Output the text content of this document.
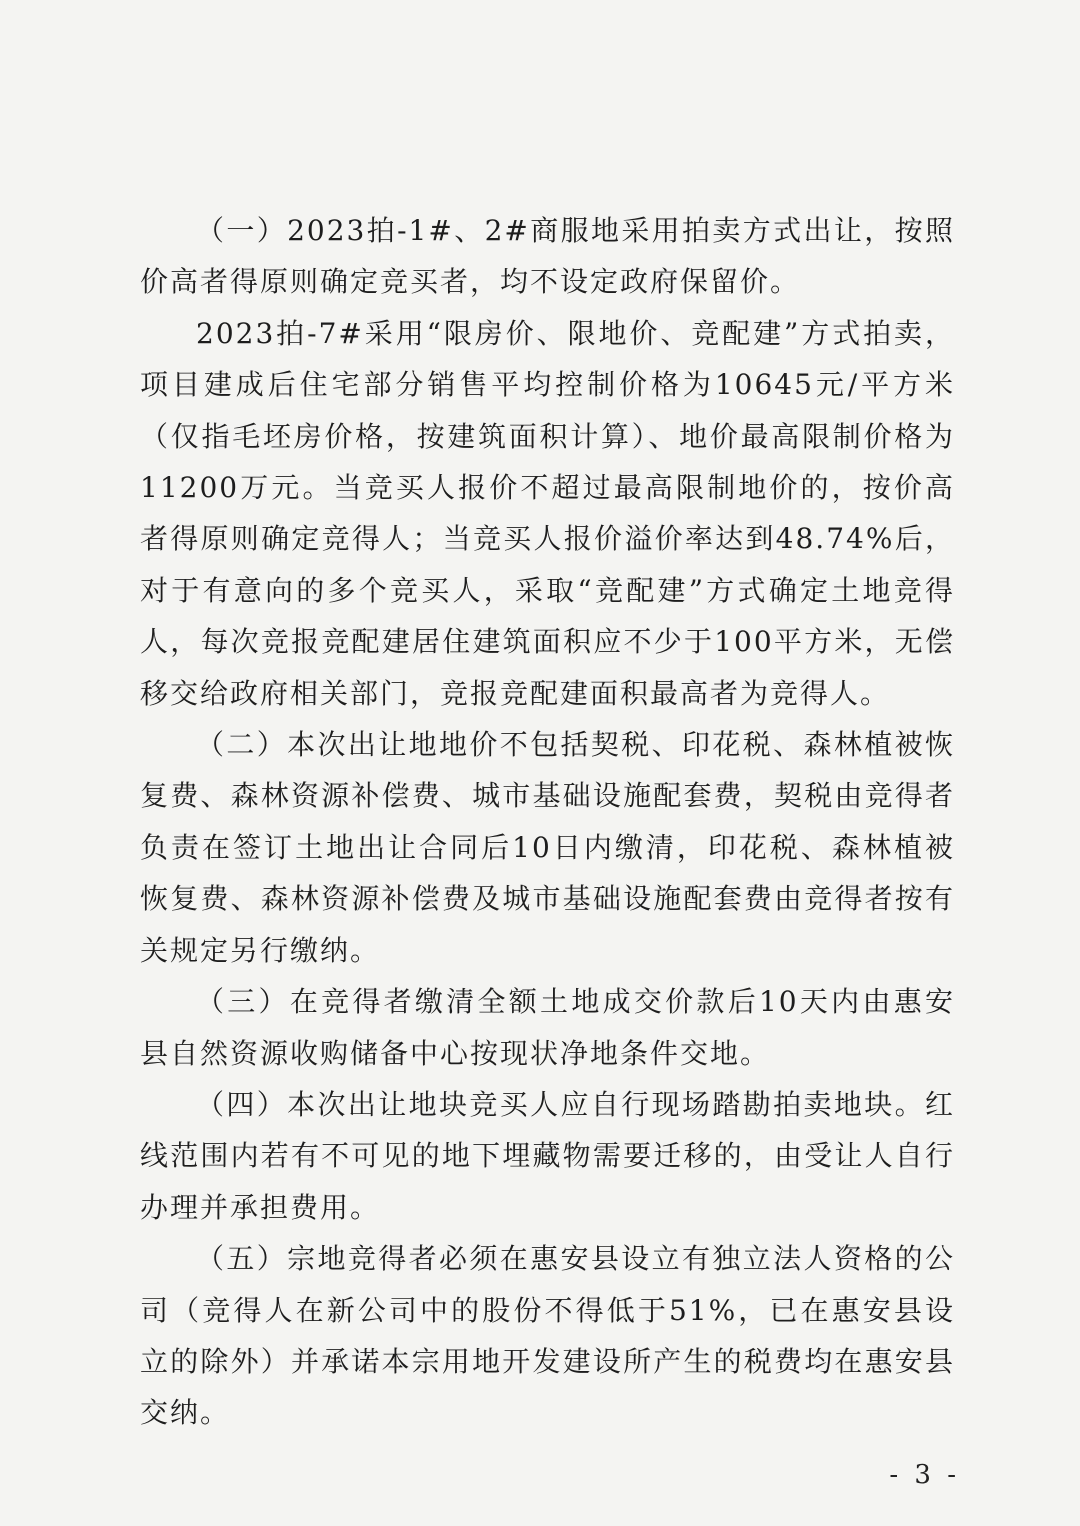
（一）2023拍-1#、2#商服地采用拍卖方式出让，按照价高者得原则确定竞买者，均不设定政府保留价。

2023拍-7#采用“限房价、限地价、竞配建”方式拍卖，项目建成后住宅部分销售平均控制价格为10645元/平方米（仅指毛坯房价格，按建筑面积计算）、地价最高限制价格为11200万元。当竞买人报价不超过最高限制地价的，按价高者得原则确定竞得人；当竞买人报价溢价率达到48.74%后，对于有意向的多个竞买人，采取“竞配建”方式确定土地竞得人，每次竞报竞配建居住建筑面积应不少于100平方米，无偿移交给政府相关部门，竞报竞配建面积最高者为竞得人。

（二）本次出让地地价不包括契税、印花税、森林植被恢复费、森林资源补偿费、城市基础设施配套费，契税由竞得者负责在签订土地出让合同后10日内缴清，印花税、森林植被恢复费、森林资源补偿费及城市基础设施配套费由竞得者按有关规定另行缴纳。

（三）在竞得者缴清全额土地成交价款后10天内由惠安县自然资源收购储备中心按现状净地条件交地。

（四）本次出让地块竞买人应自行现场踏勘拍卖地块。红线范围内若有不可见的地下埋藏物需要迁移的，由受让人自行办理并承担费用。

（五）宗地竞得者必须在惠安县设立有独立法人资格的公司（竞得人在新公司中的股份不得低于51%，已在惠安县设立的除外）并承诺本宗用地开发建设所产生的税费均在惠安县交纳。

- 3 -
